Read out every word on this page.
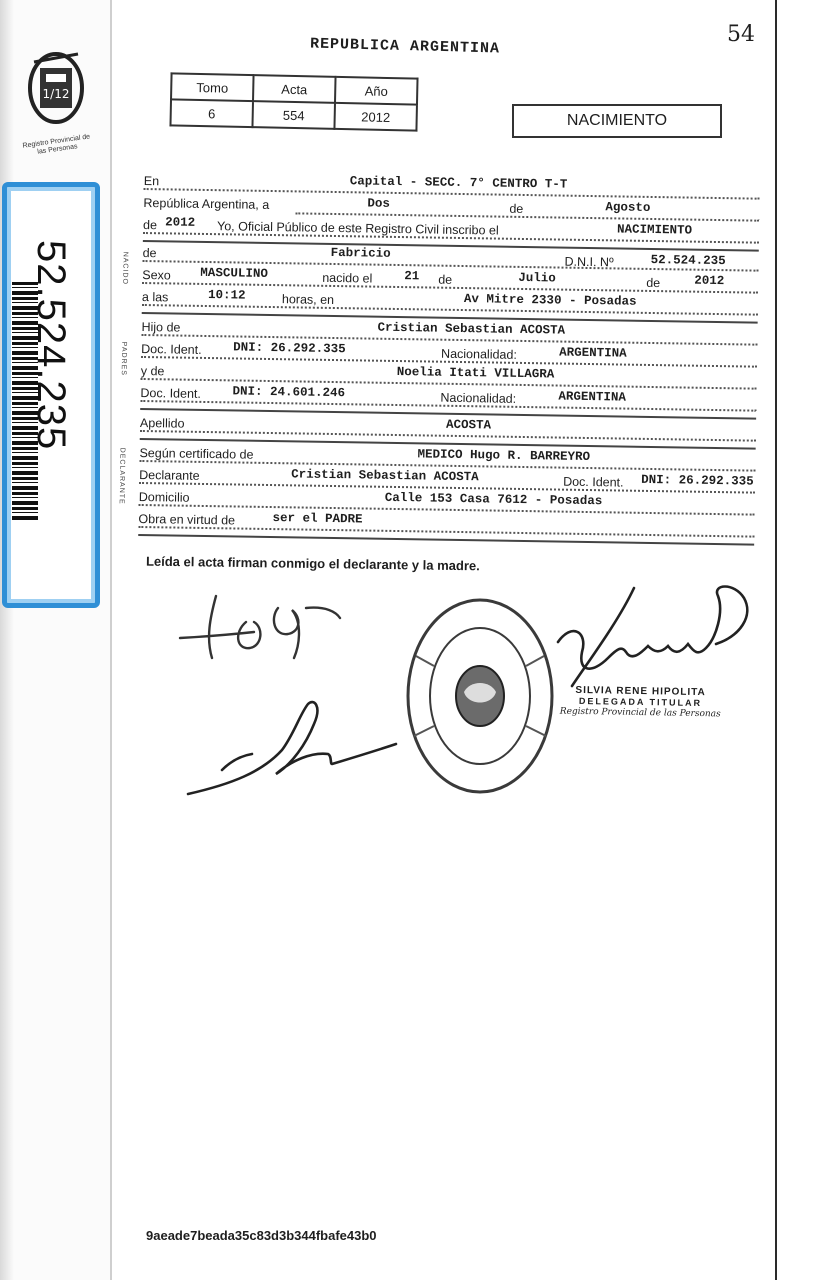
1/12
Registro Provincial de las Personas
52.524.235
54
REPUBLICA ARGENTINA
Tomo	Acta	Año
6	554	2012	NACIMIENTO
En	Capital - SECC. 7° CENTRO T-T
República Argentina, a	Dos	de	Agosto
de 2012 Yo, Oficial Público de este Registro Civil inscribo el	NACIMIENTO
NACIDO de	Fabricio
Sexo MASCULINO	nacido el	21 de	Julio	de	2012
D.N.I. Nº	52.524.235
a las	10:12	horas, en	Av Mitre 2330 - Posadas
PADRES
Hijo de	Cristian Sebastian ACOSTA
Doc. Ident.	DNI: 26.292.335	Nacionalidad:	ARGENTINA
y de	Noelia Itati VILLAGRA
Doc. Ident.	DNI: 24.601.246	Nacionalidad:	ARGENTINA
Apellido	ACOSTA
DECLARANTE Según certificado de	MEDICO Hugo R. BARREYRO
Declarante	Cristian Sebastian ACOSTA	Doc. Ident. DNI: 26.292.335
Domicilio	Calle 153 Casa 7612 - Posadas
Obra en virtud de	ser el PADRE
Leída el acta firman conmigo el declarante y la madre.
SILVIA RENE HIPOLITA
DELEGADA TITULAR
Registro Provincial de las Personas
9aeade7beada35c83d3b344fbafe43b0
